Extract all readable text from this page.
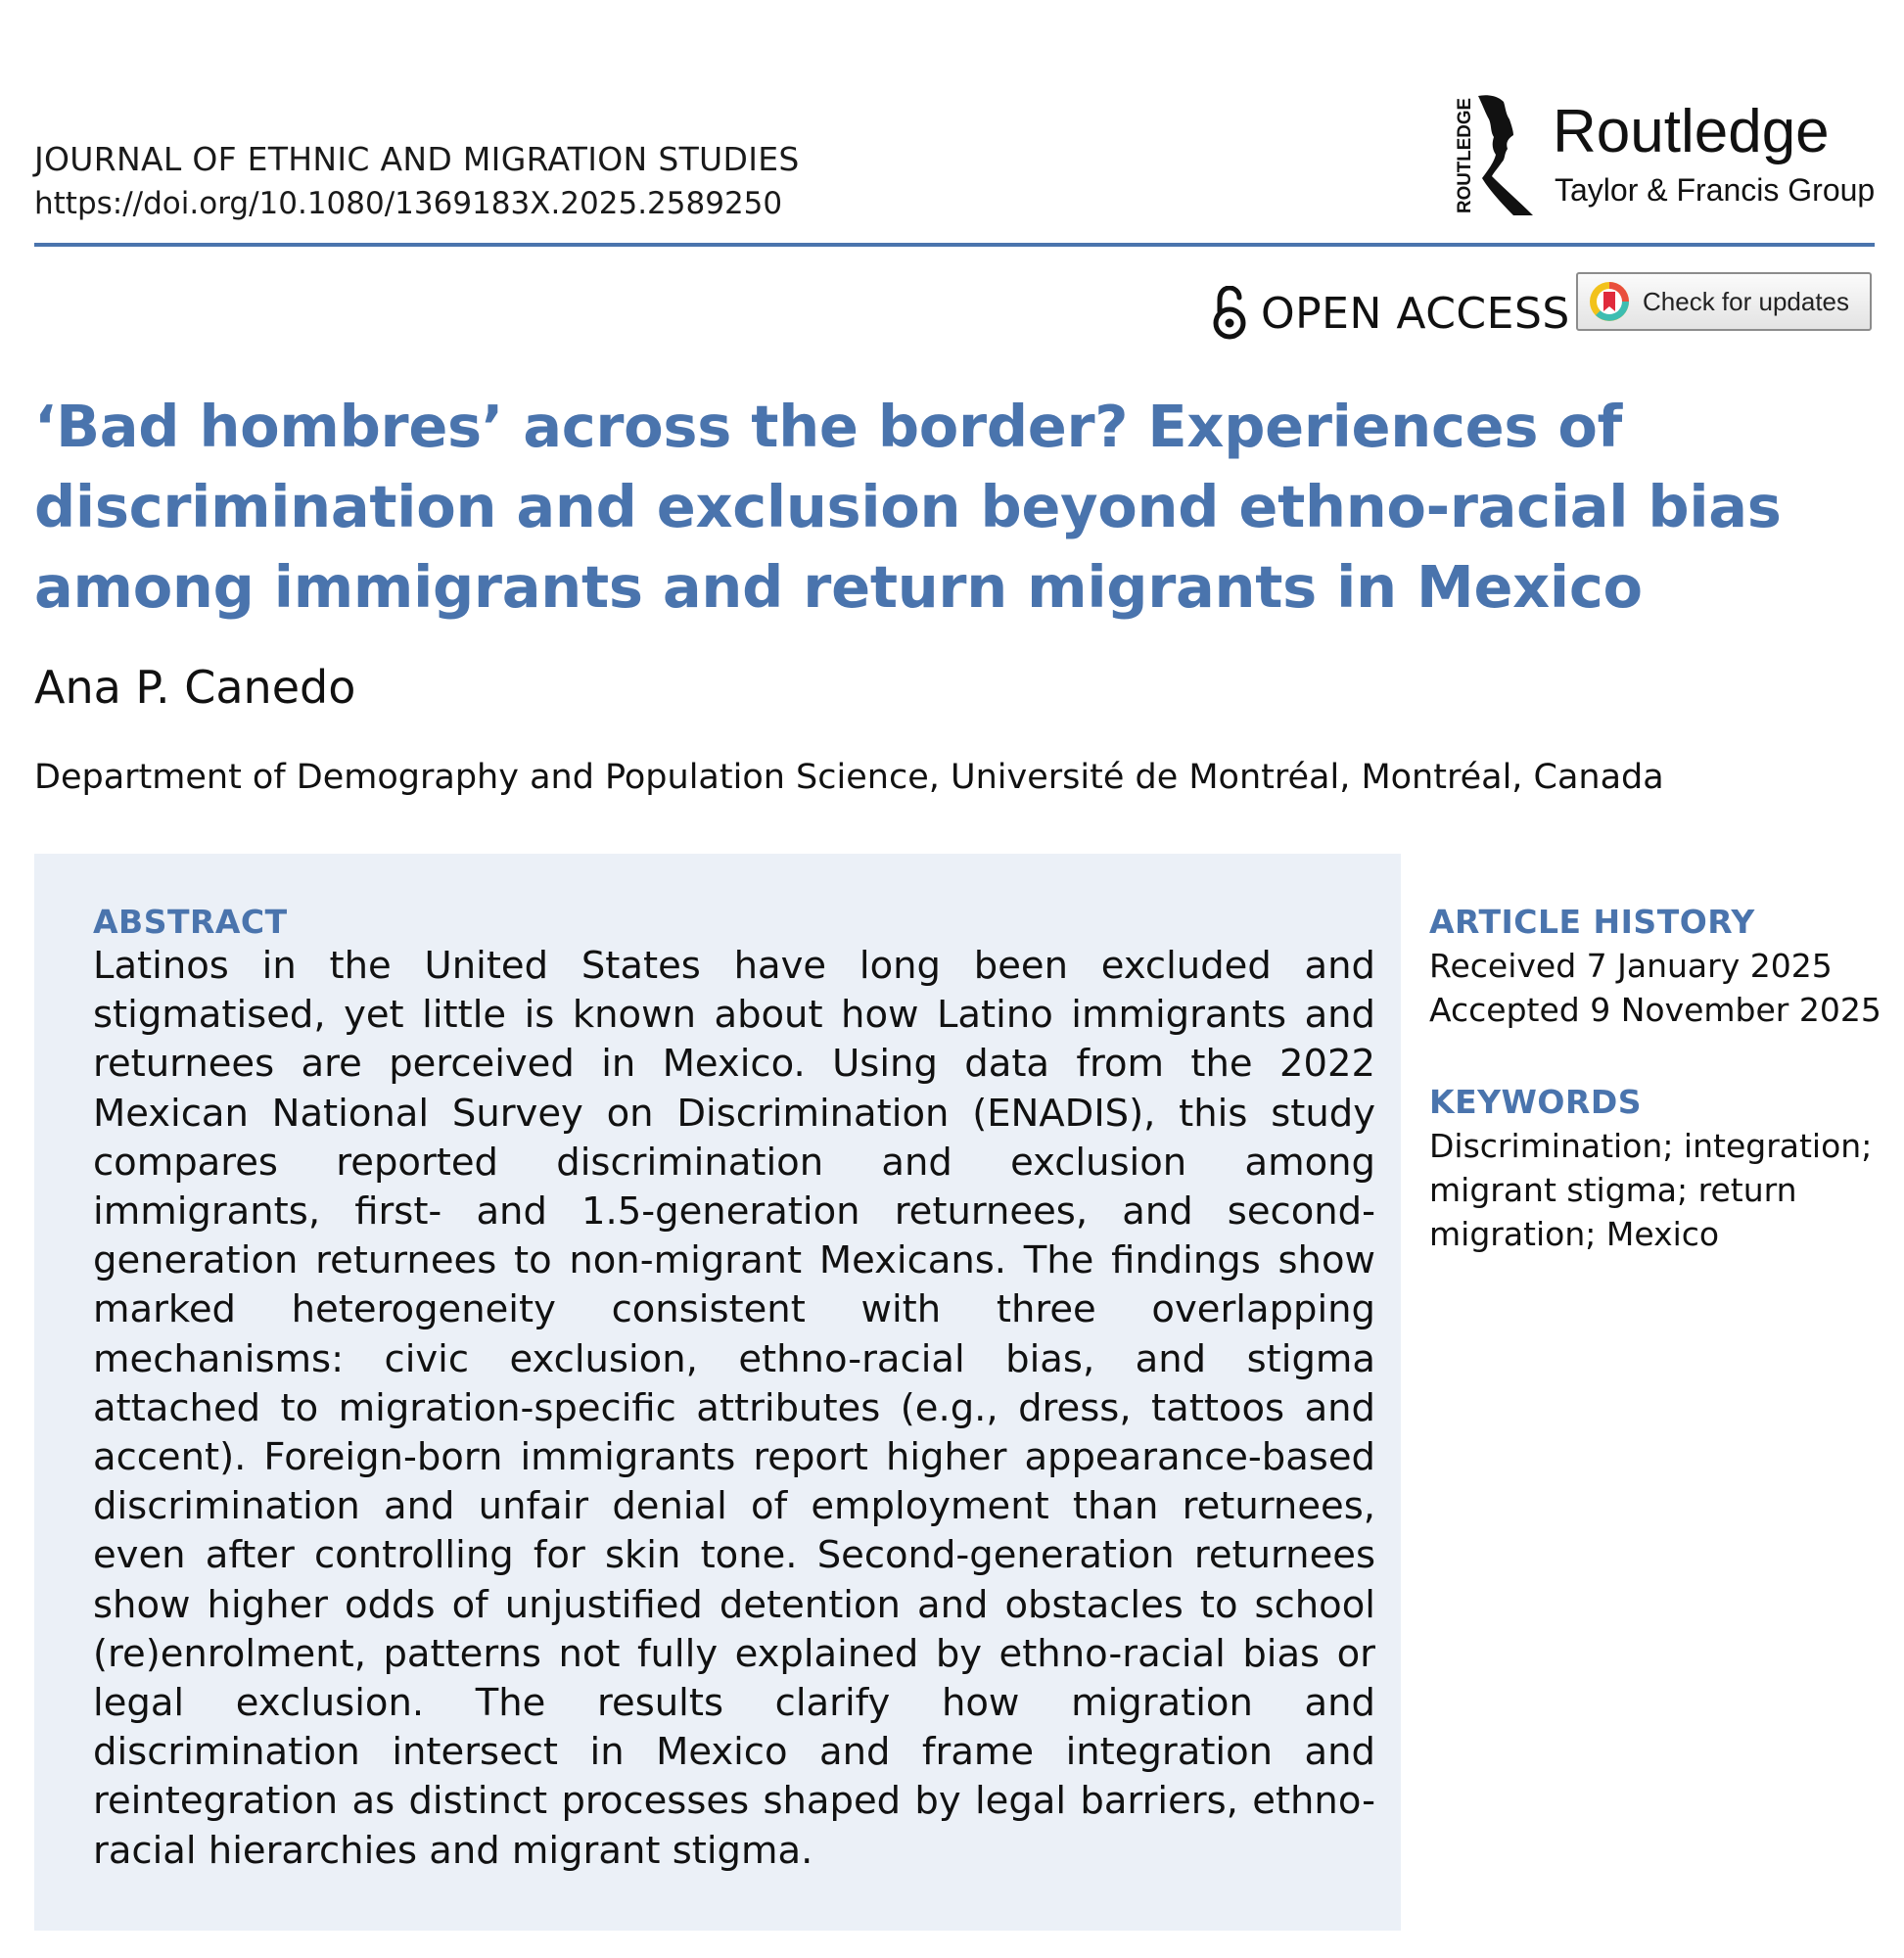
JOURNAL OF ETHNIC AND MIGRATION STUDIES
https://doi.org/10.1080/1369183X.2025.2589250	ROUTLEDGE Routledge
Taylor & Francis Group
OPEN ACCESS	Check for updates
‘Bad hombres’ across the border? Experiences of discrimination and exclusion beyond ethno-racial bias among immigrants and return migrants in Mexico
Ana P. Canedo
Department of Demography and Population Science, Université de Montréal, Montréal, Canada
ABSTRACT

Latinos in the United States have long been excluded and stigmatised, yet little is known about how Latino immigrants and returnees are perceived in Mexico. Using data from the 2022 Mexican National Survey on Discrimination (ENADIS), this study compares reported discrimination and exclusion among immigrants, first- and 1.5-generation returnees, and second-generation returnees to non-migrant Mexicans. The findings show marked heterogeneity consistent with three overlapping mechanisms: civic exclusion, ethno-racial bias, and stigma attached to migration-specific attributes (e.g., dress, tattoos and accent). Foreign-born immigrants report higher appearance-based discrimination and unfair denial of employment than returnees, even after controlling for skin tone. Second-generation returnees show higher odds of unjustified detention and obstacles to school (re)enrolment, patterns not fully explained by ethno-racial bias or legal exclusion. The results clarify how migration and discrimination intersect in Mexico and frame integration and reintegration as distinct processes shaped by legal barriers, ethno-racial hierarchies and migrant stigma.

ARTICLE HISTORY
Received 7 January 2025
Accepted 9 November 2025
KEYWORDS
Discrimination; integration; migrant stigma; return migration; Mexico
